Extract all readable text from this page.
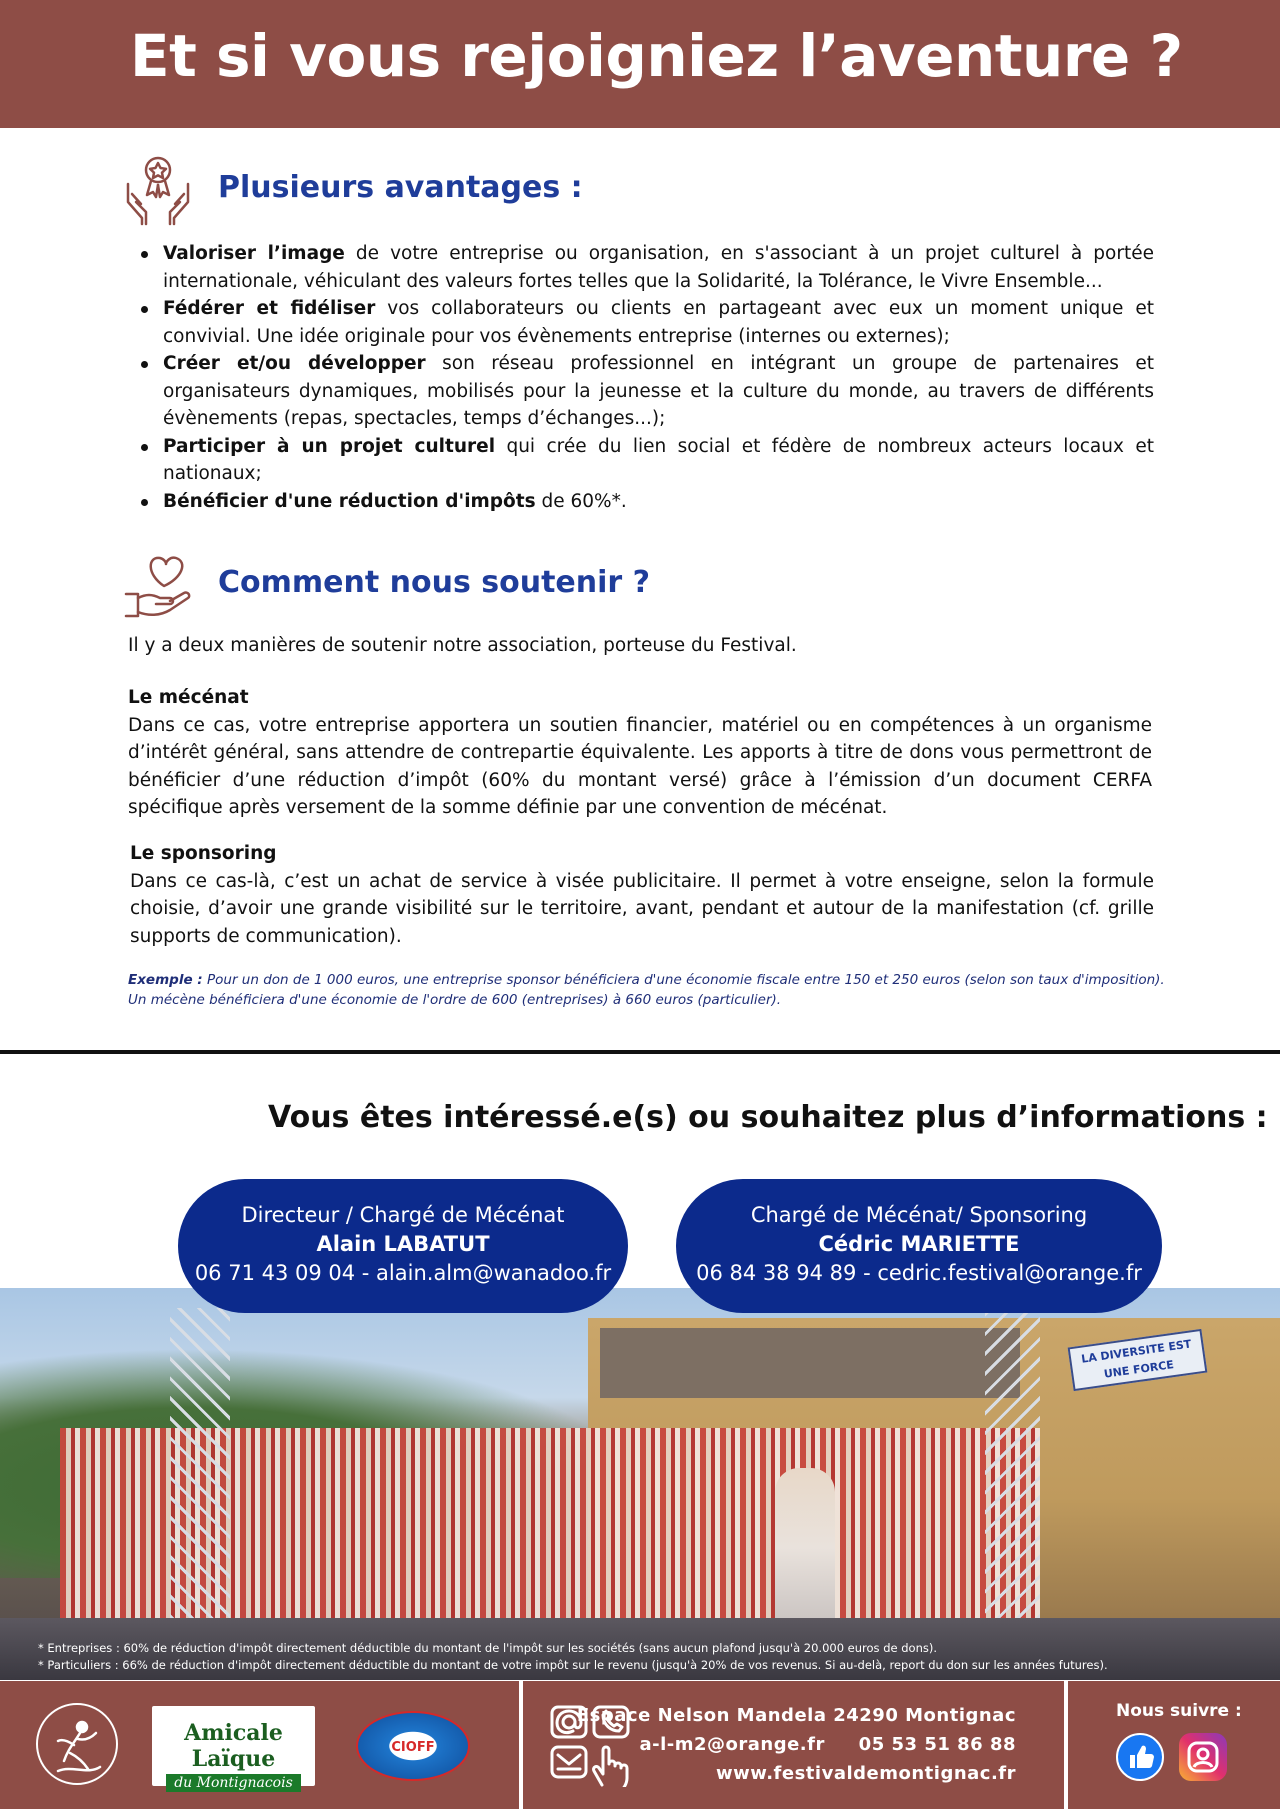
Et si vous rejoigniez l’aventure ?
Plusieurs avantages :
Valoriser l’image de votre entreprise ou organisation, en s'associant à un projet culturel à portée internationale, véhiculant des valeurs fortes telles que la Solidarité, la Tolérance, le Vivre Ensemble...
Fédérer et fidéliser vos collaborateurs ou clients en partageant avec eux un moment unique et convivial. Une idée originale pour vos évènements entreprise (internes ou externes);
Créer et/ou développer son réseau professionnel en intégrant un groupe de partenaires et organisateurs dynamiques, mobilisés pour la jeunesse et la culture du monde, au travers de différents évènements (repas, spectacles, temps d’échanges...);
Participer à un projet culturel qui crée du lien social et fédère de nombreux acteurs locaux et nationaux;
Bénéficier d'une réduction d'impôts de 60%*.
Comment nous soutenir ?
Il y a deux manières de soutenir notre association, porteuse du Festival.
Le mécénat
Dans ce cas, votre entreprise apportera un soutien financier, matériel ou en compétences à un organisme d’intérêt général, sans attendre de contrepartie équivalente. Les apports à titre de dons vous permettront de bénéficier d’une réduction d’impôt (60% du montant versé) grâce à l’émission d’un document CERFA spécifique après versement de la somme définie par une convention de mécénat.
Le sponsoring
Dans ce cas-là, c’est un achat de service à visée publicitaire. Il permet à votre enseigne, selon la formule choisie, d’avoir une grande visibilité sur le territoire, avant, pendant et autour de la manifestation (cf. grille supports de communication).
Exemple : Pour un don de 1 000 euros, une entreprise sponsor bénéficiera d'une économie fiscale entre 150 et 250 euros (selon son taux d'imposition). Un mécène bénéficiera d'une économie de l'ordre de 600 (entreprises) à 660 euros (particulier).
Vous êtes intéressé.e(s) ou souhaitez plus d’informations :
LA DIVERSITE EST UNE FORCE
Directeur / Chargé de Mécénat
Alain LABATUT
06 71 43 09 04 - alain.alm@wanadoo.fr
Chargé de Mécénat/ Sponsoring
Cédric MARIETTE
06 84 38 94 89 - cedric.festival@orange.fr
* Entreprises : 60% de réduction d'impôt directement déductible du montant de l'impôt sur les sociétés (sans aucun plafond jusqu'à 20.000 euros de dons).
* Particuliers : 66% de réduction d'impôt directement déductible du montant de votre impôt sur le revenu (jusqu'à 20% de vos revenus. Si au-delà, report du don sur les années futures).
Amicale Laïque
du Montignacois
CIOFF
Espace Nelson Mandela 24290 Montignac
a-l-m2@orange.fr     05 53 51 86 88
www.festivaldemontignac.fr
Nous suivre :
